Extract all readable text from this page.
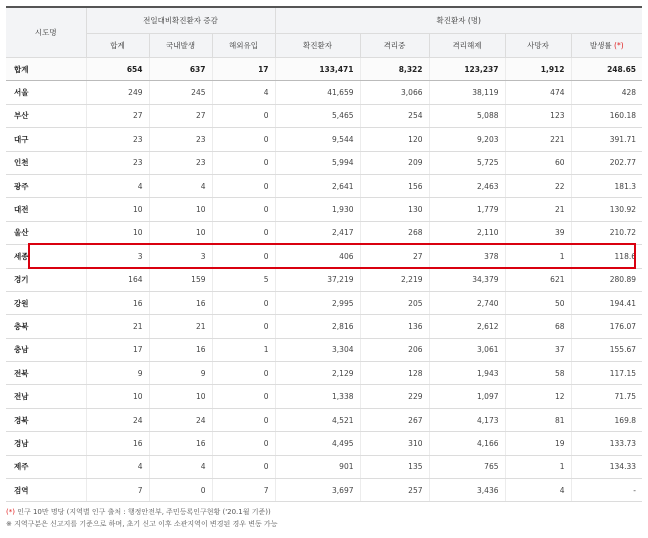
시도명	전일대비확진환자 증감			확진환자 (명)				
	합계	국내발생	해외유입	확진환자	격리중	격리해제	사망자	발생률 (*)
합계	654	637	17	133,471	8,322	123,237	1,912	248.65
서울	249	245	4	41,659	3,066	38,119	474	428
부산	27	27	0	5,465	254	5,088	123	160.18
대구	23	23	0	9,544	120	9,203	221	391.71
인천	23	23	0	5,994	209	5,725	60	202.77
광주	4	4	0	2,641	156	2,463	22	181.3
대전	10	10	0	1,930	130	1,779	21	130.92
울산	10	10	0	2,417	268	2,110	39	210.72
세종	3	3	0	406	27	378	1	118.6
경기	164	159	5	37,219	2,219	34,379	621	280.89
강원	16	16	0	2,995	205	2,740	50	194.41
충북	21	21	0	2,816	136	2,612	68	176.07
충남	17	16	1	3,304	206	3,061	37	155.67
전북	9	9	0	2,129	128	1,943	58	117.15
전남	10	10	0	1,338	229	1,097	12	71.75
경북	24	24	0	4,521	267	4,173	81	169.8
경남	16	16	0	4,495	310	4,166	19	133.73
제주	4	4	0	901	135	765	1	134.33
검역	7	0	7	3,697	257	3,436	4	-
(*) 인구 10만 명당 (지역별 인구 출처 : 행정안전부, 주민등록인구현황 ('20.1월 기준))
※ 지역구분은 신고지를 기준으로 하며, 초기 신고 이후 소관지역이 변경된 경우 변동 가능
